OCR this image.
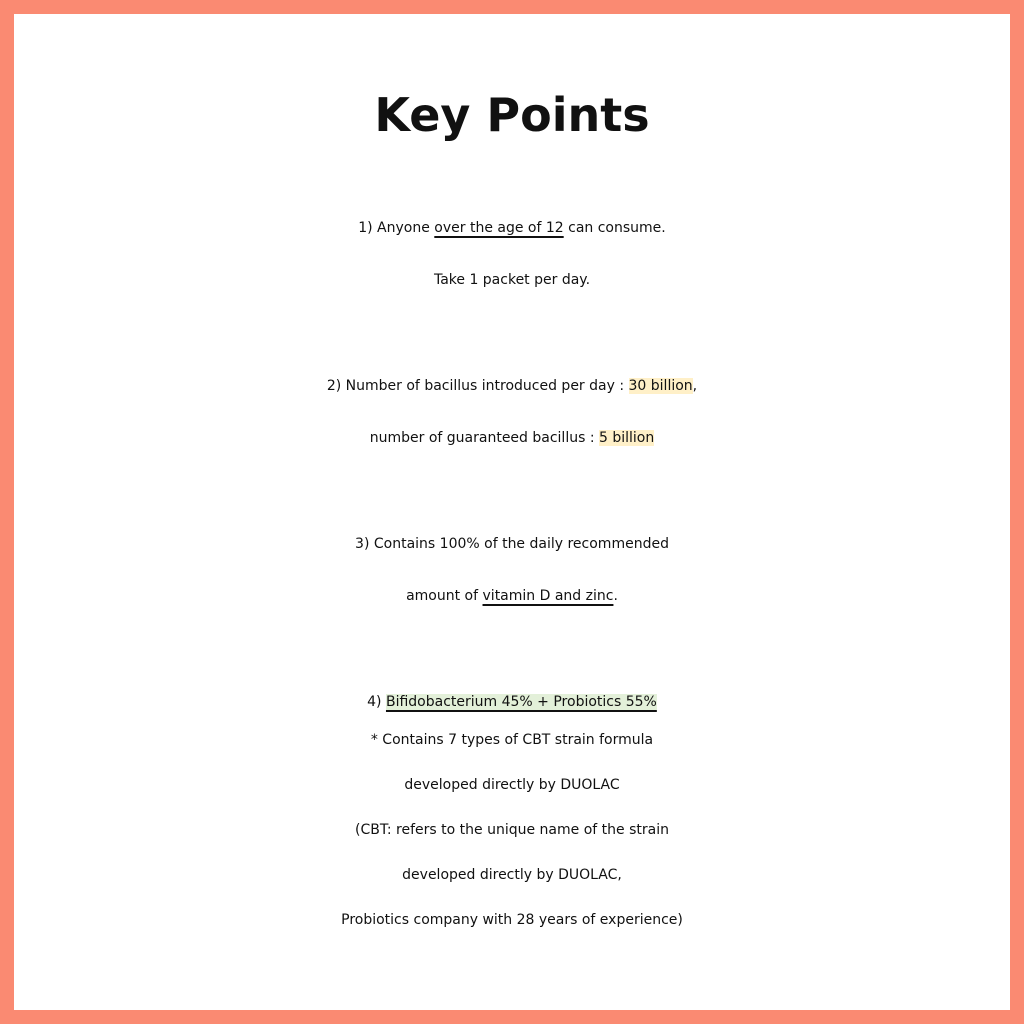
Key Points

1) Anyone over the age of 12 can consume.

Take 1 packet per day.

2) Number of bacillus introduced per day : 30 billion,

number of guaranteed bacillus : 5 billion

3) Contains 100% of the daily recommended

amount of vitamin D and zinc.

4) Bifidobacterium 45% + Probiotics 55%

* Contains 7 types of CBT strain formula

developed directly by DUOLAC

(CBT: refers to the unique name of the strain

developed directly by DUOLAC,

Probiotics company with 28 years of experience)
